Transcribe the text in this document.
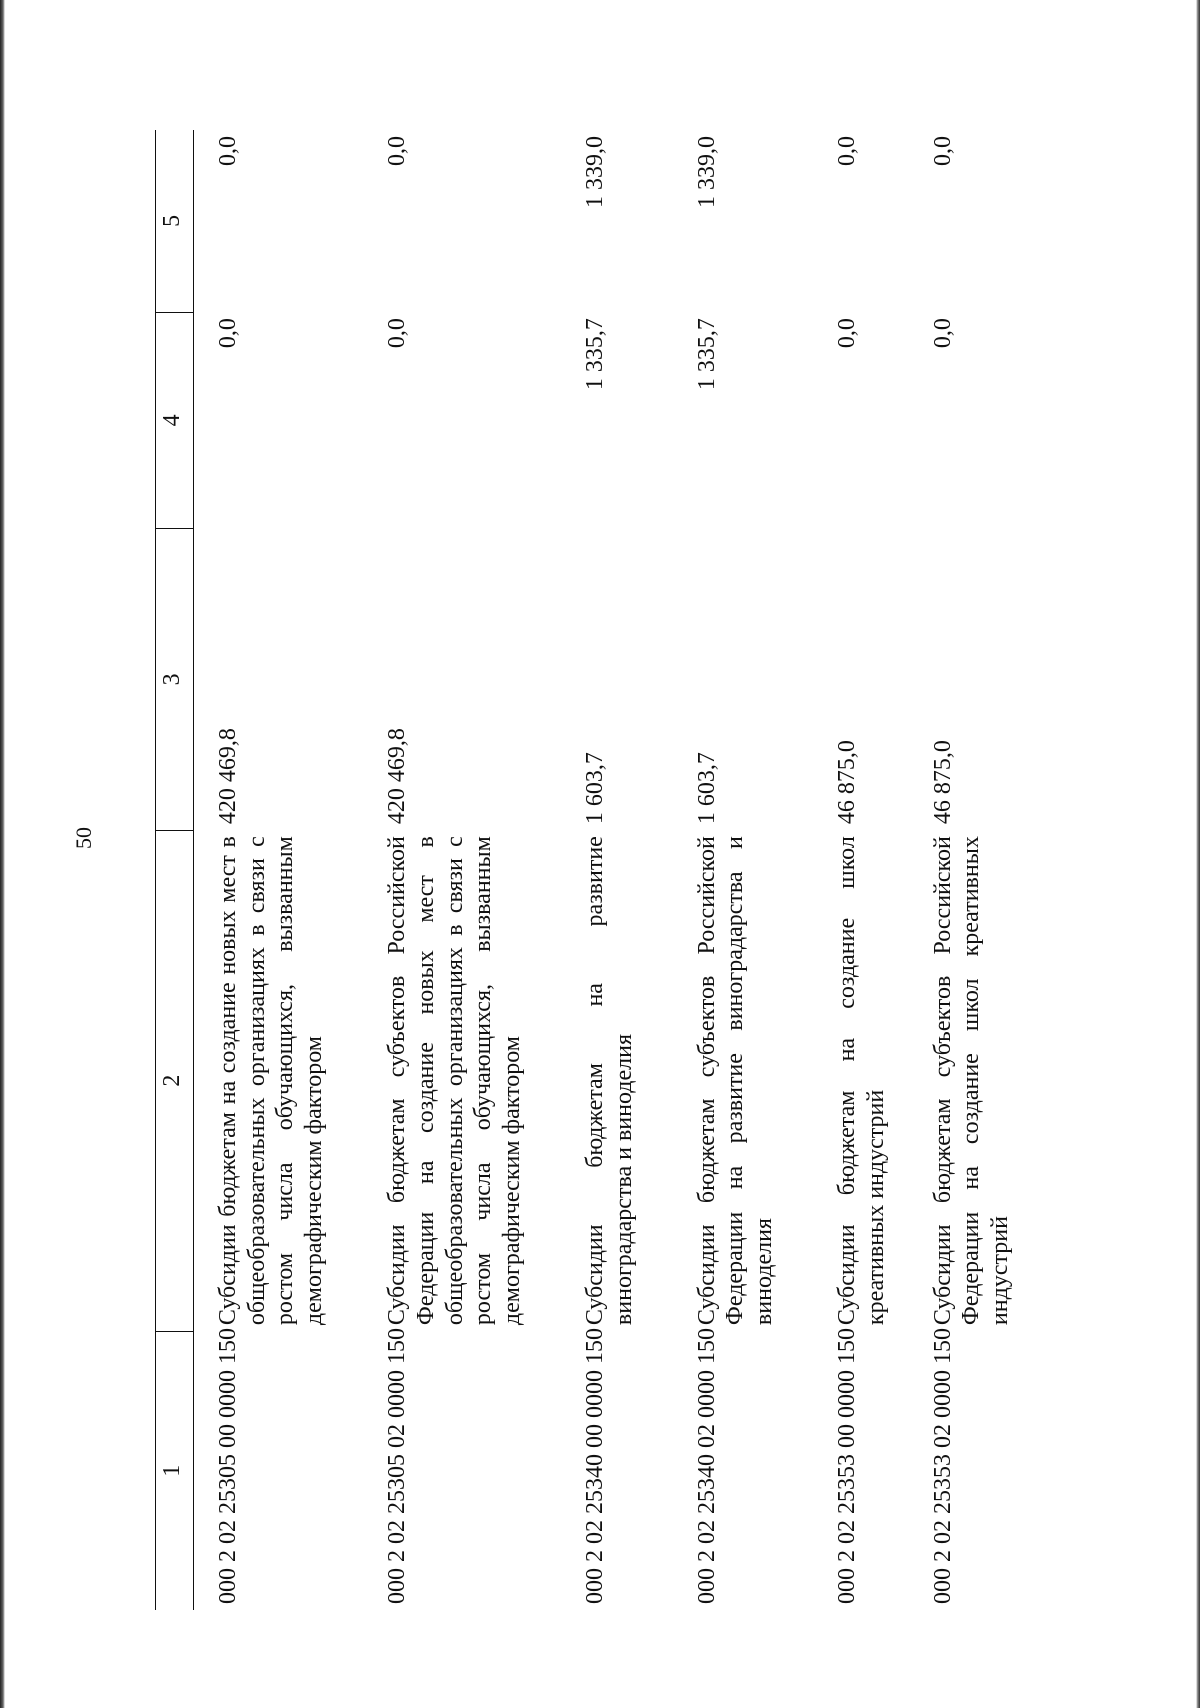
50
1	2	3	4	5
000 2 02 25305 00 0000 150	Субсидии бюджетам на создание новых мест в общеобразовательных организациях в связи с ростом числа обучающихся, вызванным демографическим фактором	420 469,8	0,0	0,0
000 2 02 25305 02 0000 150	Субсидии бюджетам субъектов Российской Федерации на создание новых мест в общеобразовательных организациях в связи с ростом числа обучающихся, вызванным демографическим фактором	420 469,8	0,0	0,0
000 2 02 25340 00 0000 150	Субсидии бюджетам на развитие виноградарства и виноделия	1 603,7	1 335,7	1 339,0
000 2 02 25340 02 0000 150	Субсидии бюджетам субъектов Российской Федерации на развитие виноградарства и виноделия	1 603,7	1 335,7	1 339,0
000 2 02 25353 00 0000 150	Субсидии бюджетам на создание школ креативных индустрий	46 875,0	0,0	0,0
000 2 02 25353 02 0000 150	Субсидии бюджетам субъектов Российской Федерации на создание школ креативных индустрий	46 875,0	0,0	0,0
